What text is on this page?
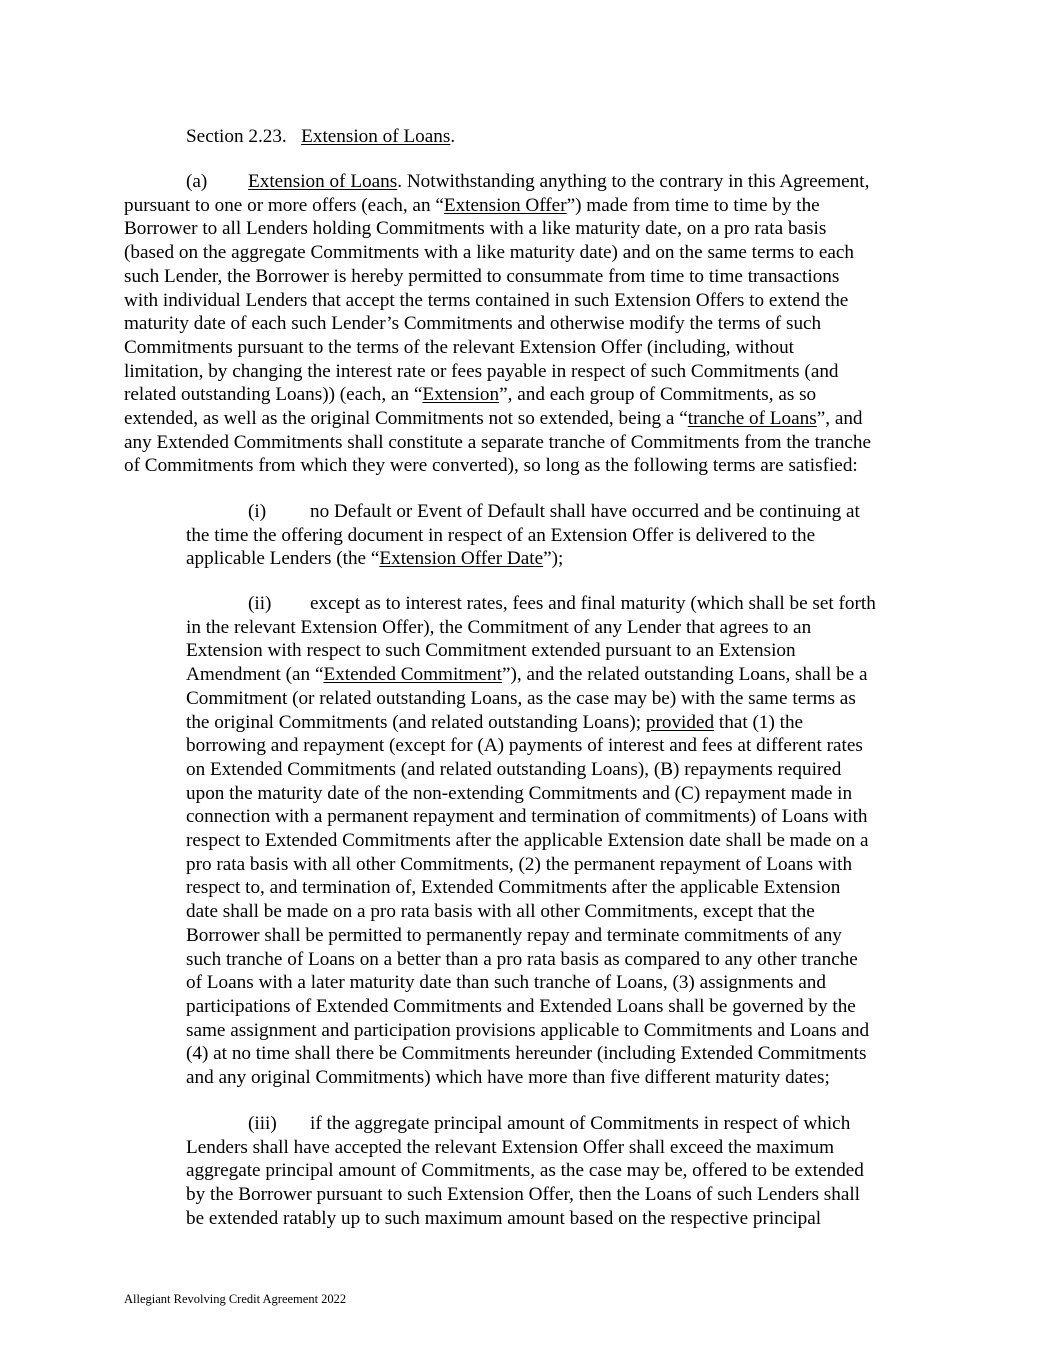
Section 2.23. Extension of Loans.
(a) Extension of Loans. Notwithstanding anything to the contrary in this Agreement,
pursuant to one or more offers (each, an “Extension Offer”) made from time to time by the
Borrower to all Lenders holding Commitments with a like maturity date, on a pro rata basis
(based on the aggregate Commitments with a like maturity date) and on the same terms to each
such Lender, the Borrower is hereby permitted to consummate from time to time transactions
with individual Lenders that accept the terms contained in such Extension Offers to extend the
maturity date of each such Lender’s Commitments and otherwise modify the terms of such
Commitments pursuant to the terms of the relevant Extension Offer (including, without
limitation, by changing the interest rate or fees payable in respect of such Commitments (and
related outstanding Loans)) (each, an “Extension”, and each group of Commitments, as so
extended, as well as the original Commitments not so extended, being a “tranche of Loans”, and
any Extended Commitments shall constitute a separate tranche of Commitments from the tranche
of Commitments from which they were converted), so long as the following terms are satisfied:
(i) no Default or Event of Default shall have occurred and be continuing at
the time the offering document in respect of an Extension Offer is delivered to the
applicable Lenders (the “Extension Offer Date”);
(ii) except as to interest rates, fees and final maturity (which shall be set forth
in the relevant Extension Offer), the Commitment of any Lender that agrees to an
Extension with respect to such Commitment extended pursuant to an Extension
Amendment (an “Extended Commitment”), and the related outstanding Loans, shall be a
Commitment (or related outstanding Loans, as the case may be) with the same terms as
the original Commitments (and related outstanding Loans); provided that (1) the
borrowing and repayment (except for (A) payments of interest and fees at different rates
on Extended Commitments (and related outstanding Loans), (B) repayments required
upon the maturity date of the non-extending Commitments and (C) repayment made in
connection with a permanent repayment and termination of commitments) of Loans with
respect to Extended Commitments after the applicable Extension date shall be made on a
pro rata basis with all other Commitments, (2) the permanent repayment of Loans with
respect to, and termination of, Extended Commitments after the applicable Extension
date shall be made on a pro rata basis with all other Commitments, except that the
Borrower shall be permitted to permanently repay and terminate commitments of any
such tranche of Loans on a better than a pro rata basis as compared to any other tranche
of Loans with a later maturity date than such tranche of Loans, (3) assignments and
participations of Extended Commitments and Extended Loans shall be governed by the
same assignment and participation provisions applicable to Commitments and Loans and
(4) at no time shall there be Commitments hereunder (including Extended Commitments
and any original Commitments) which have more than five different maturity dates;
(iii) if the aggregate principal amount of Commitments in respect of which
Lenders shall have accepted the relevant Extension Offer shall exceed the maximum
aggregate principal amount of Commitments, as the case may be, offered to be extended
by the Borrower pursuant to such Extension Offer, then the Loans of such Lenders shall
be extended ratably up to such maximum amount based on the respective principal
Allegiant Revolving Credit Agreement 2022
